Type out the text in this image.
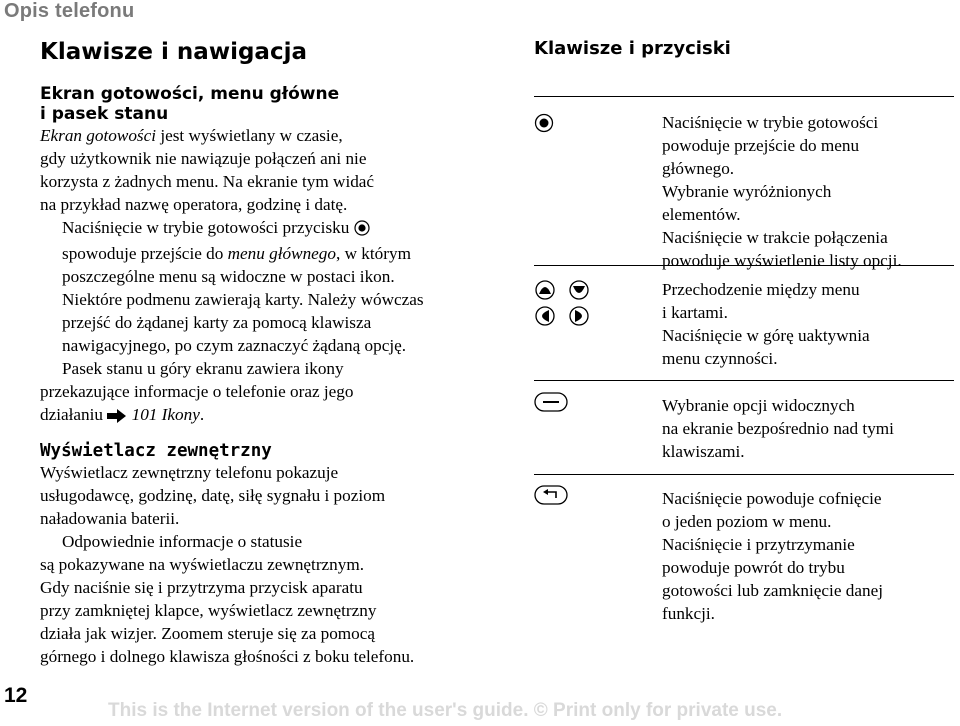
Opis telefonu
Klawisze i nawigacja
Ekran gotowości, menu główne
i pasek stanu
Ekran gotowości jest wyświetlany w czasie,
gdy użytkownik nie nawiązuje połączeń ani nie
korzysta z żadnych menu. Na ekranie tym widać
na przykład nazwę operatora, godzinę i datę.
Naciśnięcie w trybie gotowości przycisku
spowoduje przejście do menu głównego, w którym
poszczególne menu są widoczne w postaci ikon.
Niektóre podmenu zawierają karty. Należy wówczas
przejść do żądanej karty za pomocą klawisza
nawigacyjnego, po czym zaznaczyć żądaną opcję.
Pasek stanu u góry ekranu zawiera ikony
przekazujące informacje o telefonie oraz jego
działaniu  101 Ikony.
Wyświetlacz zewnętrzny
Wyświetlacz zewnętrzny telefonu pokazuje
usługodawcę, godzinę, datę, siłę sygnału i poziom
naładowania baterii.
Odpowiednie informacje o statusie
są pokazywane na wyświetlaczu zewnętrznym.
Gdy naciśnie się i przytrzyma przycisk aparatu
przy zamkniętej klapce, wyświetlacz zewnętrzny
działa jak wizjer. Zoomem steruje się za pomocą
górnego i dolnego klawisza głośności z boku telefonu.
Klawisze i przyciski
Naciśnięcie w trybie gotowości
powoduje przejście do menu
głównego.
Wybranie wyróżnionych
elementów.
Naciśnięcie w trakcie połączenia
powoduje wyświetlenie listy opcji.
Przechodzenie między menu
i kartami.
Naciśnięcie w górę uaktywnia
menu czynności.
Wybranie opcji widocznych
na ekranie bezpośrednio nad tymi
klawiszami.
Naciśnięcie powoduje cofnięcie
o jeden poziom w menu.
Naciśnięcie i przytrzymanie
powoduje powrót do trybu
gotowości lub zamknięcie danej
funkcji.
12
This is the Internet version of the user's guide. © Print only for private use.
